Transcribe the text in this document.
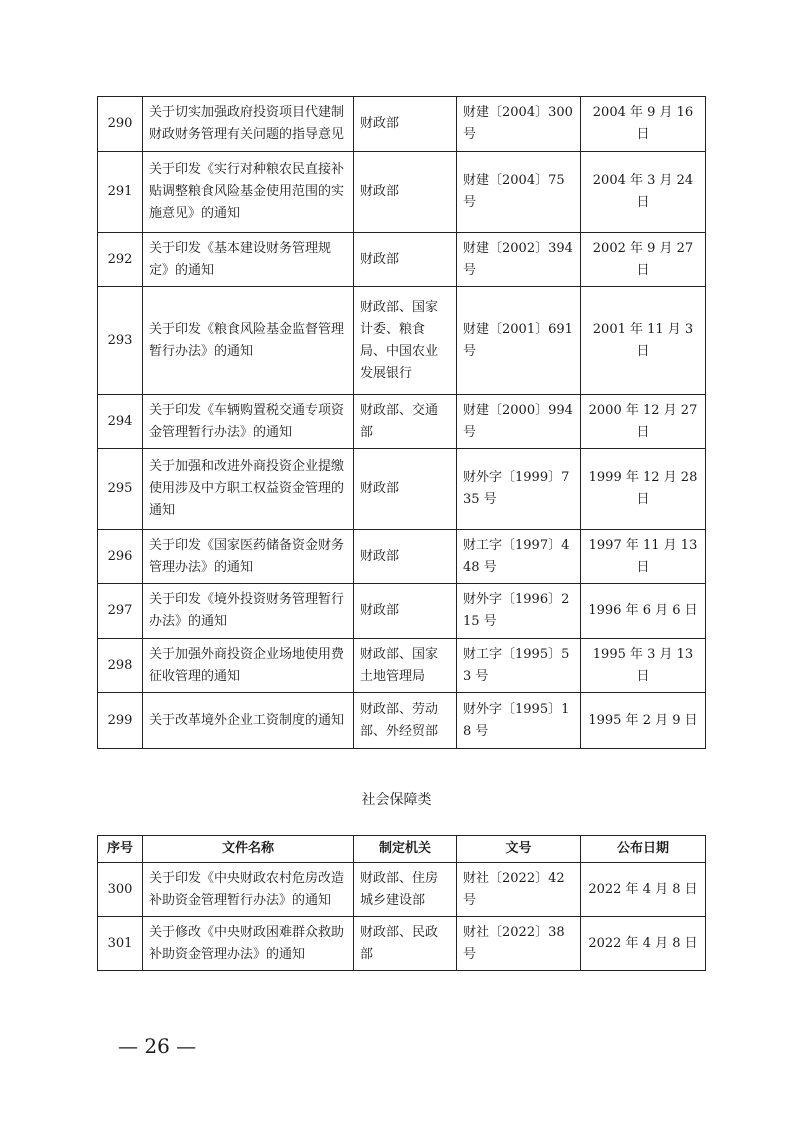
290	关于切实加强政府投资项目代建制财政财务管理有关问题的指导意见	财政部	财建〔2004〕300 号	2004 年 9 月 16 日
291	关于印发《实行对种粮农民直接补贴调整粮食风险基金使用范围的实施意见》的通知	财政部	财建〔2004〕75 号	2004 年 3 月 24 日
292	关于印发《基本建设财务管理规定》的通知	财政部	财建〔2002〕394 号	2002 年 9 月 27 日
293	关于印发《粮食风险基金监督管理暂行办法》的通知	财政部、国家计委、粮食局、中国农业发展银行	财建〔2001〕691 号	2001 年 11 月 3 日
294	关于印发《车辆购置税交通专项资金管理暂行办法》的通知	财政部、交通部	财建〔2000〕994 号	2000 年 12 月 27 日
295	关于加强和改进外商投资企业提缴使用涉及中方职工权益资金管理的通知	财政部	财外字〔1999〕735 号	1999 年 12 月 28 日
296	关于印发《国家医药储备资金财务管理办法》的通知	财政部	财工字〔1997〕448 号	1997 年 11 月 13 日
297	关于印发《境外投资财务管理暂行办法》的通知	财政部	财外字〔1996〕215 号	1996 年 6 月 6 日
298	关于加强外商投资企业场地使用费征收管理的通知	财政部、国家土地管理局	财工字〔1995〕53 号	1995 年 3 月 13 日
299	关于改革境外企业工资制度的通知	财政部、劳动部、外经贸部	财外字〔1995〕18 号	1995 年 2 月 9 日
社会保障类
序号	文件名称	制定机关	文号	公布日期
300	关于印发《中央财政农村危房改造补助资金管理暂行办法》的通知	财政部、住房城乡建设部	财社〔2022〕42 号	2022 年 4 月 8 日
301	关于修改《中央财政困难群众救助补助资金管理办法》的通知	财政部、民政部	财社〔2022〕38 号	2022 年 4 月 8 日
— 26 —
